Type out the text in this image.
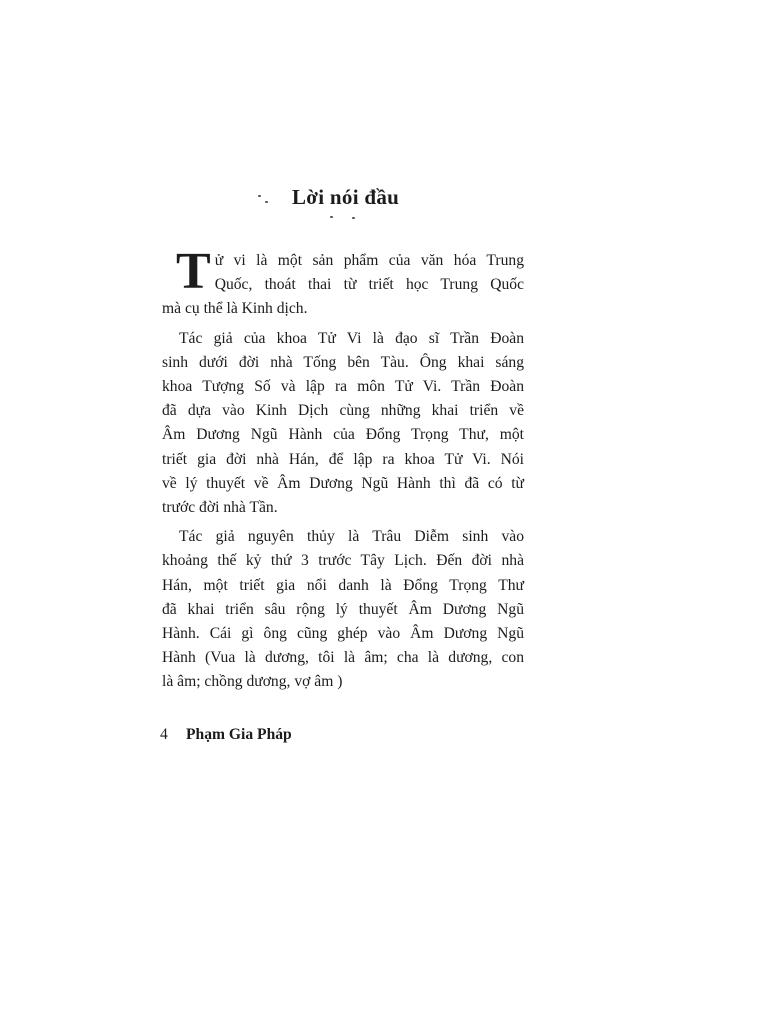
Lời nói đầu
T ử vi là một sản phẩm của văn hóa Trung
Quốc, thoát thai từ triết học Trung Quốc
mà cụ thể là Kinh dịch.
Tác giả của khoa Tử Vi là đạo sĩ Trần Đoàn
sinh dưới đời nhà Tống bên Tàu. Ông khai sáng
khoa Tượng Số và lập ra môn Tử Vi. Trần Đoàn
đã dựa vào Kinh Dịch cùng những khai triển về
Âm Dương Ngũ Hành của Đổng Trọng Thư, một
triết gia đời nhà Hán, để lập ra khoa Tử Vi. Nói
về lý thuyết về Âm Dương Ngũ Hành thì đã có từ
trước đời nhà Tần.
Tác giả nguyên thủy là Trâu Diễm sinh vào
khoảng thế kỷ thứ 3 trước Tây Lịch. Đến đời nhà
Hán, một triết gia nổi danh là Đổng Trọng Thư
đã khai triển sâu rộng lý thuyết Âm Dương Ngũ
Hành. Cái gì ông cũng ghép vào Âm Dương Ngũ
Hành (Vua là dương, tôi là âm; cha là dương, con
là âm; chồng dương, vợ âm )
4 Phạm Gia Pháp
